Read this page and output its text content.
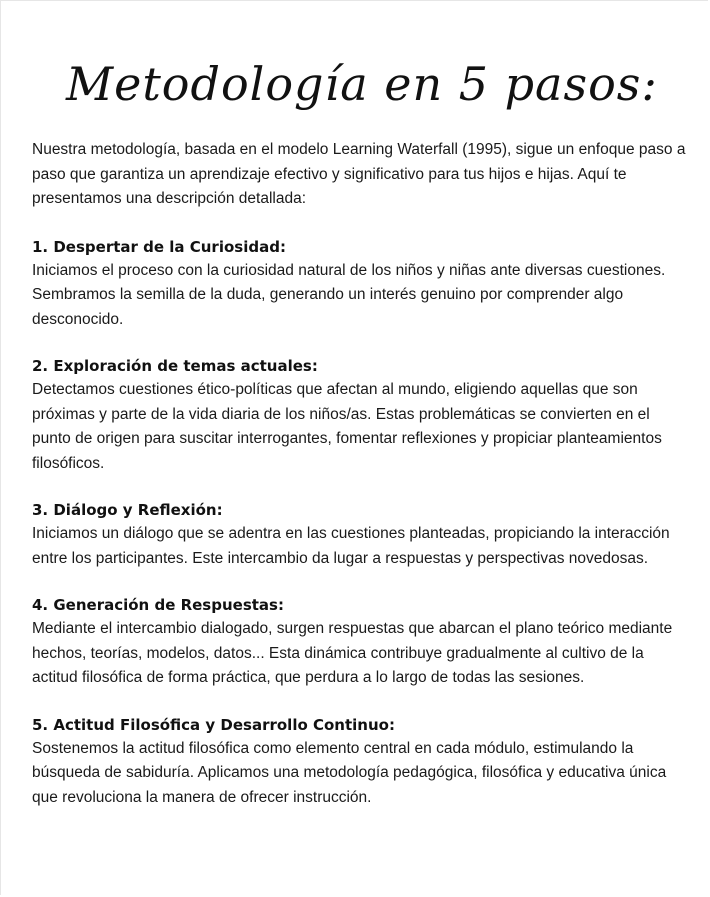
Metodología en 5 pasos:

Nuestra metodología, basada en el modelo Learning Waterfall (1995), sigue un enfoque paso a paso que garantiza un aprendizaje efectivo y significativo para tus hijos e hijas. Aquí te presentamos una descripción detallada:

1. Despertar de la Curiosidad:

Iniciamos el proceso con la curiosidad natural de los niños y niñas ante diversas cuestiones. Sembramos la semilla de la duda, generando un interés genuino por comprender algo desconocido.

2. Exploración de temas actuales:

Detectamos cuestiones ético-políticas que afectan al mundo, eligiendo aquellas que son próximas y parte de la vida diaria de los niños/as. Estas problemáticas se convierten en el punto de origen para suscitar interrogantes, fomentar reflexiones y propiciar planteamientos filosóficos.

3. Diálogo y Reflexión:

Iniciamos un diálogo que se adentra en las cuestiones planteadas, propiciando la interacción entre los participantes. Este intercambio da lugar a respuestas y perspectivas novedosas.

4. Generación de Respuestas:

Mediante el intercambio dialogado, surgen respuestas que abarcan el plano teórico mediante hechos, teorías, modelos, datos... Esta dinámica contribuye gradualmente al cultivo de la actitud filosófica de forma práctica, que perdura a lo largo de todas las sesiones.

5. Actitud Filosófica y Desarrollo Continuo:

Sostenemos la actitud filosófica como elemento central en cada módulo, estimulando la búsqueda de sabiduría. Aplicamos una metodología pedagógica, filosófica y educativa única que revoluciona la manera de ofrecer instrucción.
